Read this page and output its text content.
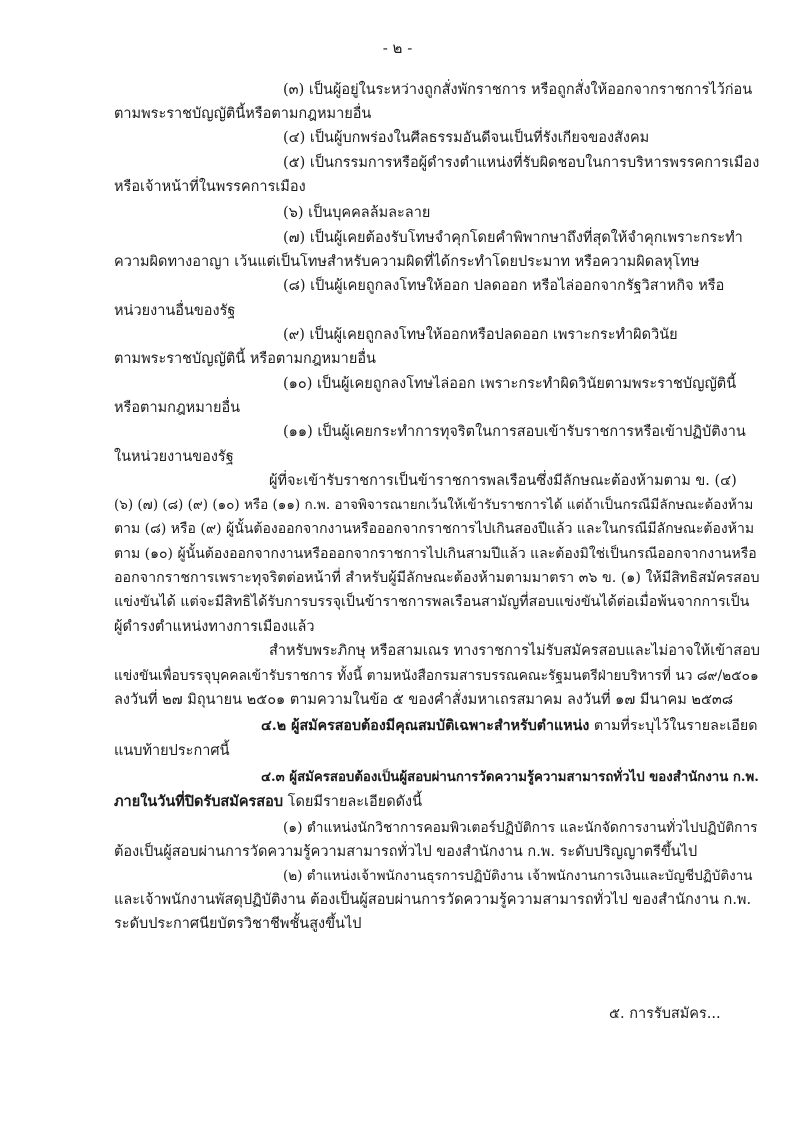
- ๒ -
(๓) เป็นผู้อยู่ในระหว่างถูกสั่งพักราชการ หรือถูกสั่งให้ออกจากราชการไว้ก่อน
ตามพระราชบัญญัตินี้หรือตามกฎหมายอื่น
(๔) เป็นผู้บกพร่องในศีลธรรมอันดีจนเป็นที่รังเกียจของสังคม
(๕) เป็นกรรมการหรือผู้ดำรงตำแหน่งที่รับผิดชอบในการบริหารพรรคการเมือง
หรือเจ้าหน้าที่ในพรรคการเมือง
(๖) เป็นบุคคลล้มละลาย
(๗) เป็นผู้เคยต้องรับโทษจำคุกโดยคำพิพากษาถึงที่สุดให้จำคุกเพราะกระทำ
ความผิดทางอาญา เว้นแต่เป็นโทษสำหรับความผิดที่ได้กระทำโดยประมาท หรือความผิดลหุโทษ
(๘) เป็นผู้เคยถูกลงโทษให้ออก ปลดออก หรือไล่ออกจากรัฐวิสาหกิจ หรือ
หน่วยงานอื่นของรัฐ
(๙) เป็นผู้เคยถูกลงโทษให้ออกหรือปลดออก เพราะกระทำผิดวินัย
ตามพระราชบัญญัตินี้ หรือตามกฎหมายอื่น
(๑๐) เป็นผู้เคยถูกลงโทษไล่ออก เพราะกระทำผิดวินัยตามพระราชบัญญัตินี้
หรือตามกฎหมายอื่น
(๑๑) เป็นผู้เคยกระทำการทุจริตในการสอบเข้ารับราชการหรือเข้าปฏิบัติงาน
ในหน่วยงานของรัฐ
ผู้ที่จะเข้ารับราชการเป็นข้าราชการพลเรือนซึ่งมีลักษณะต้องห้ามตาม ข. (๔)
(๖) (๗) (๘) (๙) (๑๐) หรือ (๑๑) ก.พ. อาจพิจารณายกเว้นให้เข้ารับราชการได้ แต่ถ้าเป็นกรณีมีลักษณะต้องห้าม
ตาม (๘) หรือ (๙) ผู้นั้นต้องออกจากงานหรือออกจากราชการไปเกินสองปีแล้ว และในกรณีมีลักษณะต้องห้าม
ตาม (๑๐) ผู้นั้นต้องออกจากงานหรือออกจากราชการไปเกินสามปีแล้ว และต้องมิใช่เป็นกรณีออกจากงานหรือ
ออกจากราชการเพราะทุจริตต่อหน้าที่ สำหรับผู้มีลักษณะต้องห้ามตามมาตรา ๓๖ ข. (๑) ให้มีสิทธิสมัครสอบ
แข่งขันได้ แต่จะมีสิทธิได้รับการบรรจุเป็นข้าราชการพลเรือนสามัญที่สอบแข่งขันได้ต่อเมื่อพ้นจากการเป็น
ผู้ดำรงตำแหน่งทางการเมืองแล้ว
สำหรับพระภิกษุ หรือสามเณร ทางราชการไม่รับสมัครสอบและไม่อาจให้เข้าสอบ
แข่งขันเพื่อบรรจุบุคคลเข้ารับราชการ ทั้งนี้ ตามหนังสือกรมสารบรรณคณะรัฐมนตรีฝ่ายบริหารที่ นว ๘๙/๒๕๐๑
ลงวันที่ ๒๗ มิถุนายน ๒๕๐๑ ตามความในข้อ ๕ ของคำสั่งมหาเถรสมาคม ลงวันที่ ๑๗ มีนาคม ๒๕๓๘
๔.๒ ผู้สมัครสอบต้องมีคุณสมบัติเฉพาะสำหรับตำแหน่ง ตามที่ระบุไว้ในรายละเอียด
แนบท้ายประกาศนี้
๔.๓ ผู้สมัครสอบต้องเป็นผู้สอบผ่านการวัดความรู้ความสามารถทั่วไป ของสำนักงาน ก.พ.
ภายในวันที่ปิดรับสมัครสอบ โดยมีรายละเอียดดังนี้
(๑) ตำแหน่งนักวิชาการคอมพิวเตอร์ปฏิบัติการ และนักจัดการงานทั่วไปปฏิบัติการ
ต้องเป็นผู้สอบผ่านการวัดความรู้ความสามารถทั่วไป ของสำนักงาน ก.พ. ระดับปริญญาตรีขึ้นไป
(๒) ตำแหน่งเจ้าพนักงานธุรการปฏิบัติงาน เจ้าพนักงานการเงินและบัญชีปฏิบัติงาน
และเจ้าพนักงานพัสดุปฏิบัติงาน ต้องเป็นผู้สอบผ่านการวัดความรู้ความสามารถทั่วไป ของสำนักงาน ก.พ.
ระดับประกาศนียบัตรวิชาชีพชั้นสูงขึ้นไป
๕. การรับสมัคร...
